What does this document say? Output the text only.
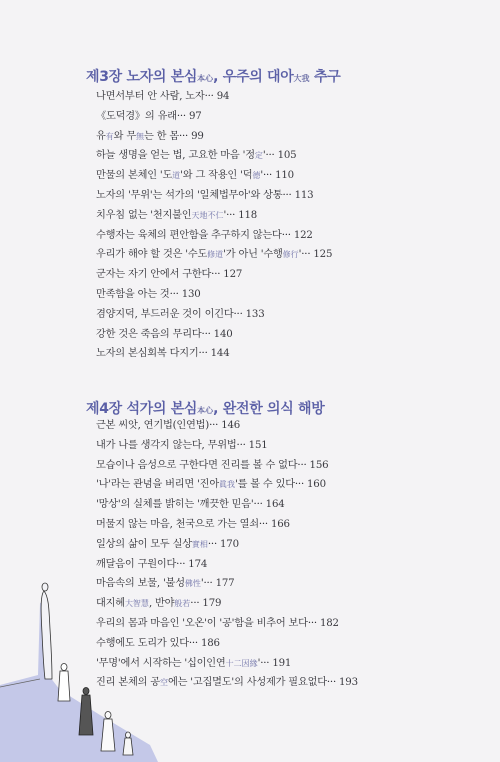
제3장 노자의 본심本心, 우주의 대아大我 추구
나면서부터 안 사람, 노자··· 94
《도덕경》의 유래··· 97
유有와 무無는 한 몸··· 99
하늘 생명을 얻는 법, 고요한 마음 '정定'··· 105
만물의 본체인 '도道'와 그 작용인 '덕德'··· 110
노자의 '무위'는 석가의 '일체법무아'와 상통··· 113
치우침 없는 '천지불인天地不仁'··· 118
수행자는 육체의 편안함을 추구하지 않는다··· 122
우리가 해야 할 것은 '수도修道'가 아닌 '수행修行'··· 125
군자는 자기 안에서 구한다··· 127
만족함을 아는 것··· 130
겸양지덕, 부드러운 것이 이긴다··· 133
강한 것은 죽음의 무리다··· 140
노자의 본심회복 다지기··· 144
제4장 석가의 본심本心, 완전한 의식 해방
근본 씨앗, 연기법(인연법)··· 146
내가 나를 생각지 않는다, 무위법··· 151
모습이나 음성으로 구한다면 진리를 볼 수 없다··· 156
'나'라는 관념을 버리면 '진아眞我'를 볼 수 있다··· 160
'망상'의 실체를 밝히는 '깨끗한 믿음'··· 164
머물지 않는 마음, 천국으로 가는 열쇠··· 166
일상의 삶이 모두 실상實相··· 170
깨달음이 구원이다··· 174
마음속의 보물, '불성佛性'··· 177
대지혜大智慧, 반야般若··· 179
우리의 몸과 마음인 '오온'이 '공'함을 비추어 보다··· 182
수행에도 도리가 있다··· 186
'무명'에서 시작하는 '십이인연十二因緣'··· 191
진리 본체의 공空에는 '고집멸도'의 사성제가 필요없다··· 193
